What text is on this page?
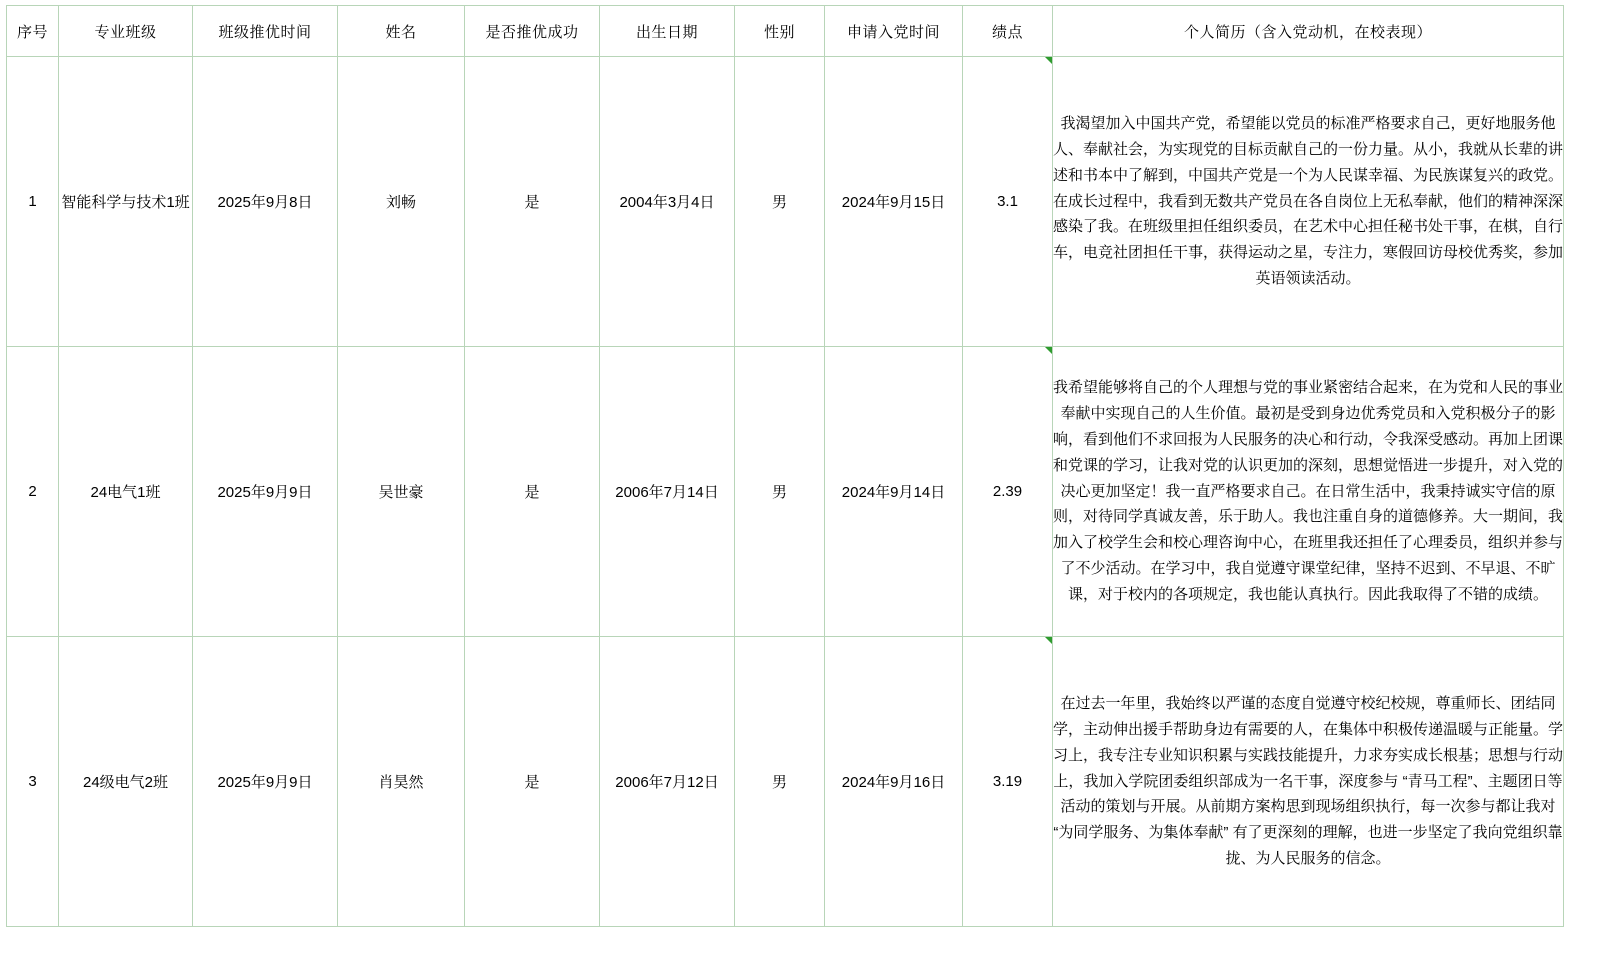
序号	专业班级	班级推优时间	姓名	是否推优成功	出生日期	性别	申请入党时间	绩点	个人简历（含入党动机，在校表现）
1	智能科学与技术1班	2025年9月8日	刘畅	是	2004年3月4日	男	2024年9月15日	3.1	我渴望加入中国共产党，希望能以党员的标准严格要求自己，更好地服务他人、奉献社会，为实现党的目标贡献自己的一份力量。从小，我就从长辈的讲述和书本中了解到，中国共产党是一个为人民谋幸福、为民族谋复兴的政党。在成长过程中，我看到无数共产党员在各自岗位上无私奉献，他们的精神深深感染了我。在班级里担任组织委员，在艺术中心担任秘书处干事，在棋，自行车，电竞社团担任干事，获得运动之星，专注力，寒假回访母校优秀奖，参加英语领读活动。

2	24电气1班	2025年9月9日	吴世豪	是	2006年7月14日	男	2024年9月14日	2.39	我希望能够将自己的个人理想与党的事业紧密结合起来，在为党和人民的事业奉献中实现自己的人生价值。最初是受到身边优秀党员和入党积极分子的影响，看到他们不求回报为人民服务的决心和行动，令我深受感动。再加上团课和党课的学习，让我对党的认识更加的深刻，思想觉悟进一步提升，对入党的决心更加坚定！我一直严格要求自己。在日常生活中，我秉持诚实守信的原则，对待同学真诚友善，乐于助人。我也注重自身的道德修养。大一期间，我加入了校学生会和校心理咨询中心，在班里我还担任了心理委员，组织并参与了不少活动。在学习中，我自觉遵守课堂纪律，坚持不迟到、不早退、不旷课，对于校内的各项规定，我也能认真执行。因此我取得了不错的成绩。

3	24级电气2班	2025年9月9日	肖昊然	是	2006年7月12日	男	2024年9月16日	3.19	在过去一年里，我始终以严谨的态度自觉遵守校纪校规，尊重师长、团结同学，主动伸出援手帮助身边有需要的人，在集体中积极传递温暖与正能量。学习上，我专注专业知识积累与实践技能提升，力求夯实成长根基；思想与行动上，我加入学院团委组织部成为一名干事，深度参与 “青马工程”、主题团日等活动的策划与开展。从前期方案构思到现场组织执行，每一次参与都让我对 “为同学服务、为集体奉献” 有了更深刻的理解，也进一步坚定了我向党组织靠拢、为人民服务的信念。
